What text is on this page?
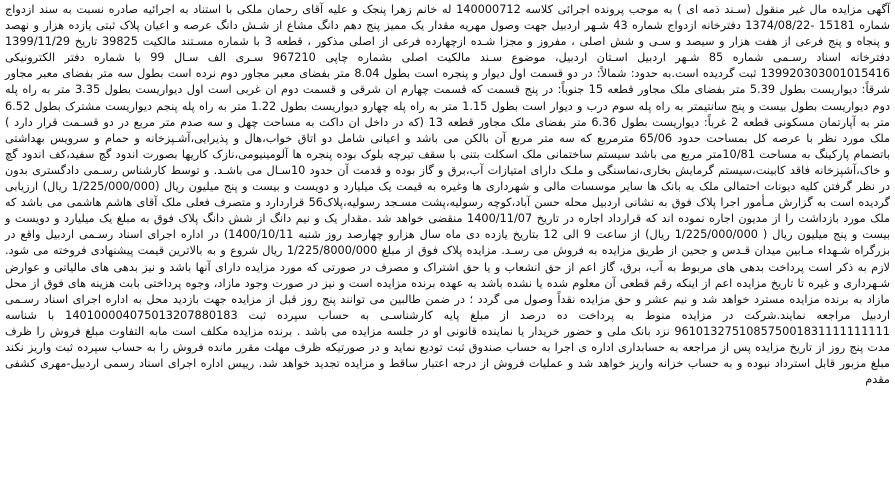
آگهی مزایده مال غیر منقول (سـند ذمه ای ) به موجب پرونده اجرائی کلاسه 140000712 له خانم زهرا پنجک و علیه آقای رحمان ملکی با استناد به اجرائیه صادره نسبت به سند ازدواج شماره 15181 -1374/08/22 دفترخانه ازدواج شماره 43 شـهر اردبیل جهت وصول مهریه مقدار یک ممیز پنج دهم دانگ مشاع از شـش دانگ عرصه و اعیان پلاک ثبتی یازده هزار و نهصد و پنجاه و پنج فرعی از هفت هزار و سیصد و سـی و شش اصلی ، مفروز و مجزا شـده ازچهارده فرعی از اصلی مذکور ، قطعه 3 با شماره مسـتند مالکیت 39825 تاریخ 1399/11/29 دفترخانه اسناد رسـمی شماره 85 شـهر اردبیل اسـتان اردبیل، موضوع سـند مالکیت اصلی بشماره چاپی 967210 سـری الف سـال 99 با شماره دفتر الکترونیکی 139920303001015416 ثبت گردیده است.به حدود: شمالاً: در دو قسمت اول دیوار و پنجره است بطول 8.04 متر بفضای معبر مجاور دوم نرده است بطول سه متر بفضای معبر مجاور شرقاً: دیواریست بطول 5.39 متر بفضای ملک مجاور قطعه 15 جنوباً: در پنج قسمت که قسمت چهارم ان شرقی و قسمت دوم ان غربی است اول دیواریست بطول 3.35 متر به راه پله دوم دیواریست بطول بیست و پنج سانتیمتر به راه پله سوم درب و دیوار است بطول 1.15 متر به راه پله چهارو دیواریست بطول 1.22 متر به راه پله پنجم دیواریست مشترک بطول 6.52 متر به آپارتمان مسکونی قطعه 2 غرباً: دیواریست بطول 6.36 متر بفضای ملک مجاور قطعه 13 (که در داخل ان داکت به مساحت چهل و سه صدم متر مربع در دو قسـمت قرار دارد ) ملک مورد نظر با عرصه کل بمساحت حدود 65/06 مترمربع که سه متر مربع آن بالکن می باشد و اعیانی شامل دو اتاق خواب،هال و پذیرایی،آشـپزخانه و حمام و سرویس بهداشتی باتضمام پارکینگ به مساحت 10/81متر مربع می باشد سیستم ساختمانی ملک اسکلت بتنی با سقف تیرچه بلوک بوده پنجره ها آلومینیومی،نازک کاریها بصورت اندود گچ سفید،کف اندود گچ و خاک،آشپزخانه فاقد کابینت،سیستم گرمایش بخاری،نماسنگی و ملـک دارای امتیازات آب،برق و گاز بوده و قدمت آن حدود 10سـال می باشـد. و توسط کارشناس رسـمی دادگستری بدون در نظر گرفتن کلیه دیونات احتمالی ملک به بانک ها سایر موسسات مالی و شهرداری ها وغیره به قیمت یک میلیارد و دویست و بیست و پنج میلیون ریال (1/225/000/000 ریال) ارزیابی گردیده است به گزارش مـأمور اجرا پلاک فوق به نشانی اردبیل محله حسن آباد،کوچه رسولیه،پشت مسـجد رسولیه،پلاک56 قراردارد و متصرف فعلی ملک آقای هاشم هاشمی می باشد که ملک مورد بازداشت را از مدیون اجاره نموده اند که قرارداد اجاره در تاریخ 1400/11/07 منقضی خواهد شد .مقدار یک و نیم دانگ از شش دانگ پلاک فوق به مبلغ یک میلیارد و دویست و بیست و پنج میلیون ریال ( 1/225/000/000 ریال) از ساعت 9 الی 12 بتاریخ یازده دی ماه سال هزارو چهارصد روز شنبه 1400/10/11) در اداره اجرای اسناد رسـمی اردبیل واقع در بزرگراه شـهداء مـابین میدان قـدس و جحین از طریق مزایده به فروش می رسـد. مزایده پلاک فوق از مبلغ 1/225/8000/000 ریال شروع و به بالاترین قیمت پیشنهادی فروخته می شود. لازم به ذکر است پرداخت بدهی های مربوط به آب، برق، گاز اعم از حق انشعاب و یا حق اشتراک و مصرف در صورتی که مورد مزایده دارای آنها باشد و نیز بدهی های مالیاتی و عوارض شـهرداری و غیره تا تاریخ مزایده اعم از اینکه رقم قطعی آن معلوم شده یا نشده باشد به عهده برنده مزایده است و نیز در صورت وجود مازاد، وجوه پرداختی بابت هزینه های فوق از محل مازاد به برنده مزایده مسترد خواهد شد و نیم عشر و حق مزایده نقداً وصول می گردد ؛ در ضمن طالبین می توانند پنج روز قبل از مزایده جهت بازدید محل به اداره اجرای اسناد رسـمی اردبیل مراجعه نمایند.شرکت در مزایده منوط به پرداخت ده درصد از مبلغ پایه کارشناسـی به حساب سپرده ثبت 140100004075013207880183 با شناسه 961013275108575001831111111111 نزد بانک ملی و حضور خریدار یا نماینده قانونی او در جلسه مزایده می باشد . برنده مزایده مکلف است مابه التفاوت مبلغ فروش را ظرف مدت پنج روز از تاریخ مزایده پس از مراجعه به حسابداری اداره ی اجرا به حساب صندوق ثبت تودیع نماید و در صورتیکه ظرف مهلت مقرر مانده فروش را به حساب سپرده ثبت واریز نکند مبلغ مزبور قابل استرداد نبوده و به حساب خزانه واریز خواهد شد و عملیات فروش از درجه اعتبار ساقط و مزایده تجدید خواهد شد. رییس اداره اجرای اسناد رسمی اردبیل-مهری کشفی مقدم
